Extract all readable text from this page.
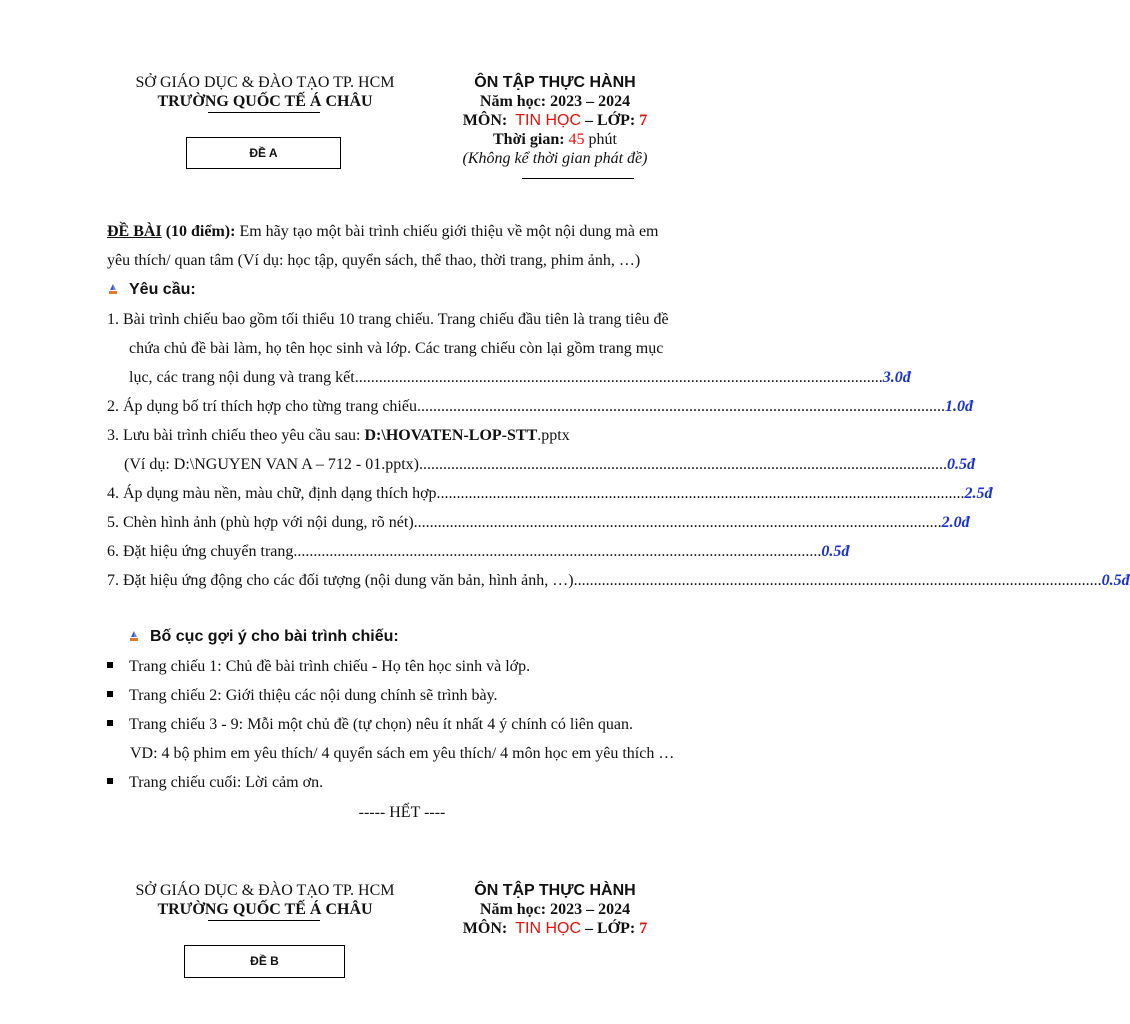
SỞ GIÁO DỤC & ĐÀO TẠO TP. HCM
TRƯỜNG QUỐC TẾ Á CHÂU
ĐỀ A
ÔN TẬP THỰC HÀNH
Năm học: 2023 – 2024
MÔN: TIN HỌC – LỚP: 7
Thời gian: 45 phút
(Không kể thời gian phát đề)
ĐỀ BÀI (10 điểm): Em hãy tạo một bài trình chiếu giới thiệu về một nội dung mà em
yêu thích/ quan tâm (Ví dụ: học tập, quyển sách, thể thao, thời trang, phim ảnh, …)
Yêu cầu:
1. Bài trình chiếu bao gồm tối thiểu 10 trang chiếu. Trang chiếu đầu tiên là trang tiêu đề
chứa chủ đề bài làm, họ tên học sinh và lớp. Các trang chiếu còn lại gồm trang mục
lục, các trang nội dung và trang kết .................................................................................................................................... 3.0đ
2. Áp dụng bố trí thích hợp cho từng trang chiếu .................................................................................................................................... 1.0đ
3. Lưu bài trình chiếu theo yêu cầu sau: D:\HOVATEN-LOP-STT.pptx
(Ví dụ: D:\NGUYEN VAN A – 712 - 01.pptx) .................................................................................................................................... 0.5đ
4. Áp dụng màu nền, màu chữ, định dạng thích hợp .................................................................................................................................... 2.5đ
5. Chèn hình ảnh (phù hợp với nội dung, rõ nét) .................................................................................................................................... 2.0đ
6. Đặt hiệu ứng chuyển trang .................................................................................................................................... 0.5đ
7. Đặt hiệu ứng động cho các đối tượng (nội dung văn bản, hình ảnh, …) .................................................................................................................................... 0.5đ
Bố cục gợi ý cho bài trình chiếu:
Trang chiếu 1: Chủ đề bài trình chiếu - Họ tên học sinh và lớp.
Trang chiếu 2: Giới thiệu các nội dung chính sẽ trình bày.
Trang chiếu 3 - 9: Mỗi một chủ đề (tự chọn) nêu ít nhất 4 ý chính có liên quan.
VD: 4 bộ phim em yêu thích/ 4 quyển sách em yêu thích/ 4 môn học em yêu thích …
Trang chiếu cuối: Lời cảm ơn.
----- HẾT ----
SỞ GIÁO DỤC & ĐÀO TẠO TP. HCM
TRƯỜNG QUỐC TẾ Á CHÂU
ĐỀ B
ÔN TẬP THỰC HÀNH
Năm học: 2023 – 2024
MÔN: TIN HỌC – LỚP: 7
